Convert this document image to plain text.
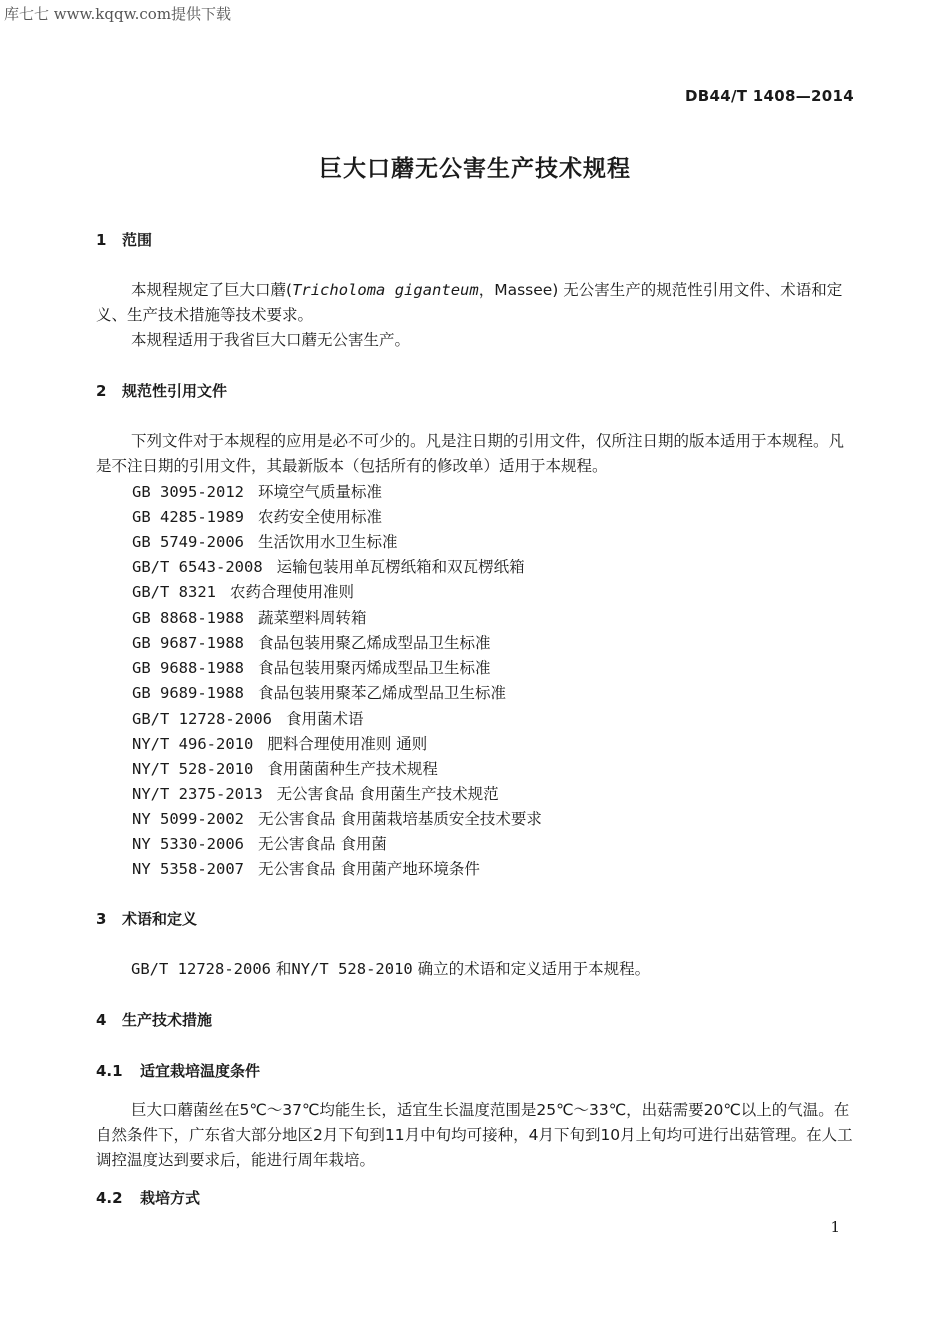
库七七 www.kqqw.com提供下载
DB44/T 1408—2014
巨大口蘑无公害生产技术规程
1 范围
本规程规定了巨大口蘑(Tricholoma giganteum，Massee) 无公害生产的规范性引用文件、术语和定义、生产技术措施等技术要求。
本规程适用于我省巨大口蘑无公害生产。
2 规范性引用文件
下列文件对于本规程的应用是必不可少的。凡是注日期的引用文件，仅所注日期的版本适用于本规程。凡是不注日期的引用文件，其最新版本（包括所有的修改单）适用于本规程。
GB 3095-2012 环境空气质量标准
GB 4285-1989 农药安全使用标准
GB 5749-2006 生活饮用水卫生标准
GB/T 6543-2008 运输包装用单瓦楞纸箱和双瓦楞纸箱
GB/T 8321 农药合理使用准则
GB 8868-1988 蔬菜塑料周转箱
GB 9687-1988 食品包装用聚乙烯成型品卫生标准
GB 9688-1988 食品包装用聚丙烯成型品卫生标准
GB 9689-1988 食品包装用聚苯乙烯成型品卫生标准
GB/T 12728-2006 食用菌术语
NY/T 496-2010 肥料合理使用准则 通则
NY/T 528-2010 食用菌菌种生产技术规程
NY/T 2375-2013 无公害食品 食用菌生产技术规范
NY 5099-2002 无公害食品 食用菌栽培基质安全技术要求
NY 5330-2006 无公害食品 食用菌
NY 5358-2007 无公害食品 食用菌产地环境条件
3 术语和定义
GB/T 12728-2006 和NY/T 528-2010 确立的术语和定义适用于本规程。
4 生产技术措施
4.1 适宜栽培温度条件
巨大口蘑菌丝在5℃～37℃均能生长，适宜生长温度范围是25℃～33℃，出菇需要20℃以上的气温。在自然条件下，广东省大部分地区2月下旬到11月中旬均可接种，4月下旬到10月上旬均可进行出菇管理。在人工调控温度达到要求后，能进行周年栽培。
4.2 栽培方式
1
